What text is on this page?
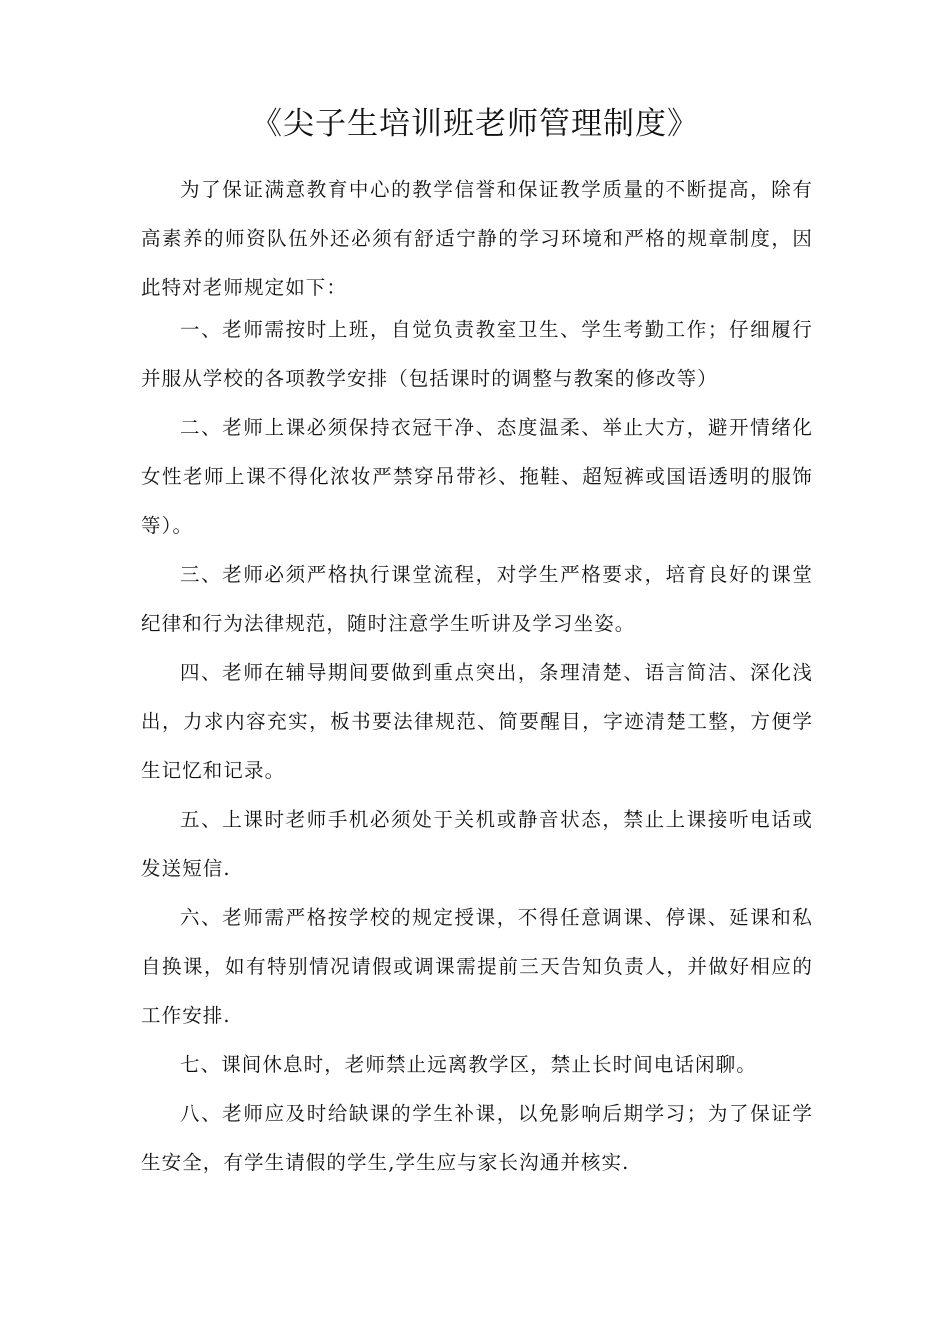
《尖子生培训班老师管理制度》

为了保证满意教育中心的教学信誉和保证教学质量的不断提高，除有高素养的师资队伍外还必须有舒适宁静的学习环境和严格的规章制度，因此特对老师规定如下：

一、老师需按时上班，自觉负责教室卫生、学生考勤工作；仔细履行并服从学校的各项教学安排（包括课时的调整与教案的修改等）

二、老师上课必须保持衣冠干净、态度温柔、举止大方，避开情绪化女性老师上课不得化浓妆严禁穿吊带衫、拖鞋、超短裤或国语透明的服饰等）。

三、老师必须严格执行课堂流程，对学生严格要求，培育良好的课堂纪律和行为法律规范，随时注意学生听讲及学习坐姿。

四、老师在辅导期间要做到重点突出，条理清楚、语言简洁、深化浅出，力求内容充实，板书要法律规范、简要醒目，字迹清楚工整，方便学生记忆和记录。

五、上课时老师手机必须处于关机或静音状态，禁止上课接听电话或发送短信.

六、老师需严格按学校的规定授课，不得任意调课、停课、延课和私自换课，如有特别情况请假或调课需提前三天告知负责人，并做好相应的工作安排.

七、课间休息时，老师禁止远离教学区，禁止长时间电话闲聊。

八、老师应及时给缺课的学生补课，以免影响后期学习；为了保证学生安全，有学生请假的学生,学生应与家长沟通并核实.
